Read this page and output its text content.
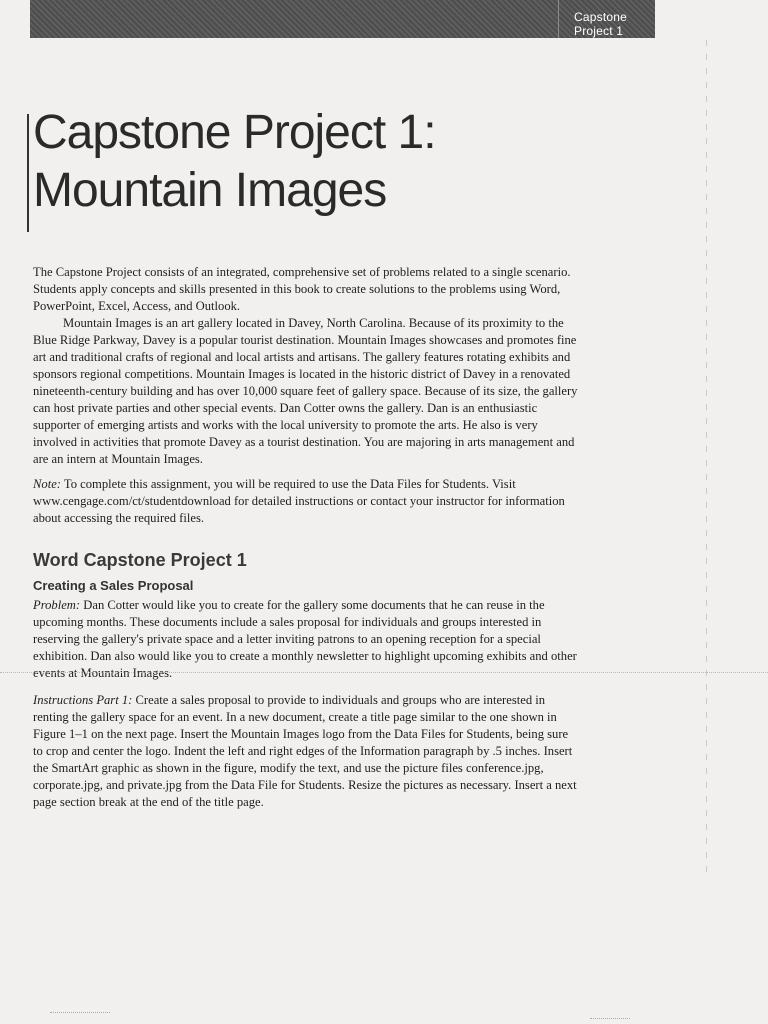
Capstone Project 1
Capstone Project 1:
Mountain Images

The Capstone Project consists of an integrated, comprehensive set of problems related to a single scenario. Students apply concepts and skills presented in this book to create solutions to the problems using Word, PowerPoint, Excel, Access, and Outlook.

Mountain Images is an art gallery located in Davey, North Carolina. Because of its proximity to the Blue Ridge Parkway, Davey is a popular tourist destination. Mountain Images showcases and promotes fine art and traditional crafts of regional and local artists and artisans. The gallery features rotating exhibits and sponsors regional competitions. Mountain Images is located in the historic district of Davey in a renovated nineteenth-century building and has over 10,000 square feet of gallery space. Because of its size, the gallery can host private parties and other special events. Dan Cotter owns the gallery. Dan is an enthusiastic supporter of emerging artists and works with the local university to promote the arts. He also is very involved in activities that promote Davey as a tourist destination. You are majoring in arts management and are an intern at Mountain Images.

Note: To complete this assignment, you will be required to use the Data Files for Students. Visit www.cengage.com/ct/studentdownload for detailed instructions or contact your instructor for information about accessing the required files.

Word Capstone Project 1
Creating a Sales Proposal

Problem: Dan Cotter would like you to create for the gallery some documents that he can reuse in the upcoming months. These documents include a sales proposal for individuals and groups interested in reserving the gallery's private space and a letter inviting patrons to an opening reception for a special exhibition. Dan also would like you to create a monthly newsletter to highlight upcoming exhibits and other events at Mountain Images.

Instructions Part 1: Create a sales proposal to provide to individuals and groups who are interested in renting the gallery space for an event. In a new document, create a title page similar to the one shown in Figure 1–1 on the next page. Insert the Mountain Images logo from the Data Files for Students, being sure to crop and center the logo. Indent the left and right edges of the Information paragraph by .5 inches. Insert the SmartArt graphic as shown in the figure, modify the text, and use the picture files conference.jpg, corporate.jpg, and private.jpg from the Data File for Students. Resize the pictures as necessary. Insert a next page section break at the end of the title page.
